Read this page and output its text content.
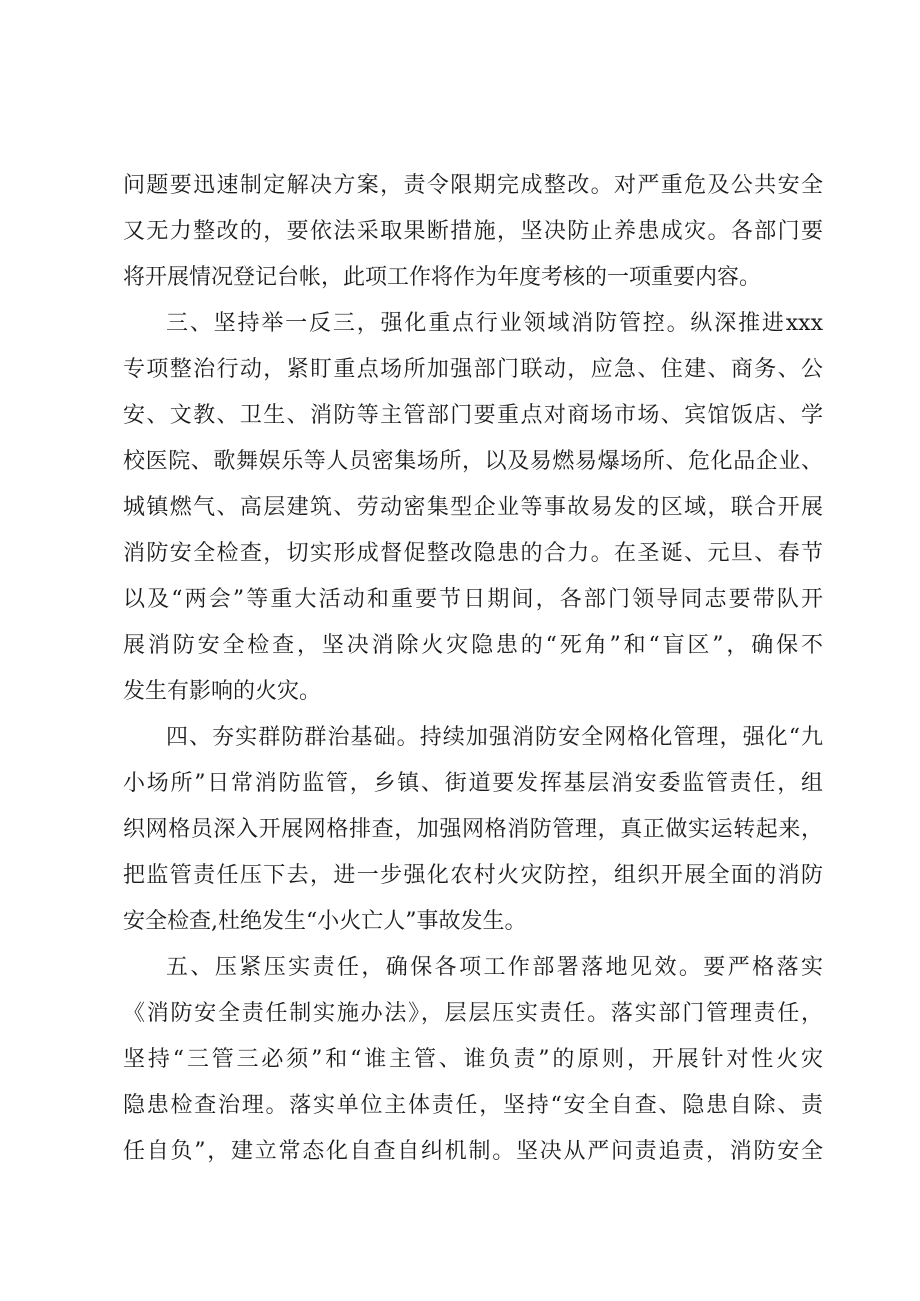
问题要迅速制定解决方案，责令限期完成整改。对严重危及公共安全
又无力整改的，要依法采取果断措施，坚决防止养患成灾。各部门要
将开展情况登记台帐，此项工作将作为年度考核的一项重要内容。
三、坚持举一反三，强化重点行业领域消防管控。纵深推进xxx
专项整治行动，紧盯重点场所加强部门联动，应急、住建、商务、公
安、文教、卫生、消防等主管部门要重点对商场市场、宾馆饭店、学
校医院、歌舞娱乐等人员密集场所，以及易燃易爆场所、危化品企业、
城镇燃气、高层建筑、劳动密集型企业等事故易发的区域，联合开展
消防安全检查，切实形成督促整改隐患的合力。在圣诞、元旦、春节
以及“两会”等重大活动和重要节日期间，各部门领导同志要带队开
展消防安全检查，坚决消除火灾隐患的“死角”和“盲区”，确保不
发生有影响的火灾。
四、夯实群防群治基础。持续加强消防安全网格化管理，强化“九
小场所”日常消防监管，乡镇、街道要发挥基层消安委监管责任，组
织网格员深入开展网格排查，加强网格消防管理，真正做实运转起来，
把监管责任压下去，进一步强化农村火灾防控，组织开展全面的消防
安全检查,杜绝发生“小火亡人”事故发生。
五、压紧压实责任，确保各项工作部署落地见效。要严格落实
《消防安全责任制实施办法》，层层压实责任。落实部门管理责任，
坚持“三管三必须”和“谁主管、谁负责”的原则，开展针对性火灾
隐患检查治理。落实单位主体责任，坚持“安全自查、隐患自除、责
任自负”，建立常态化自查自纠机制。坚决从严问责追责，消防安全
